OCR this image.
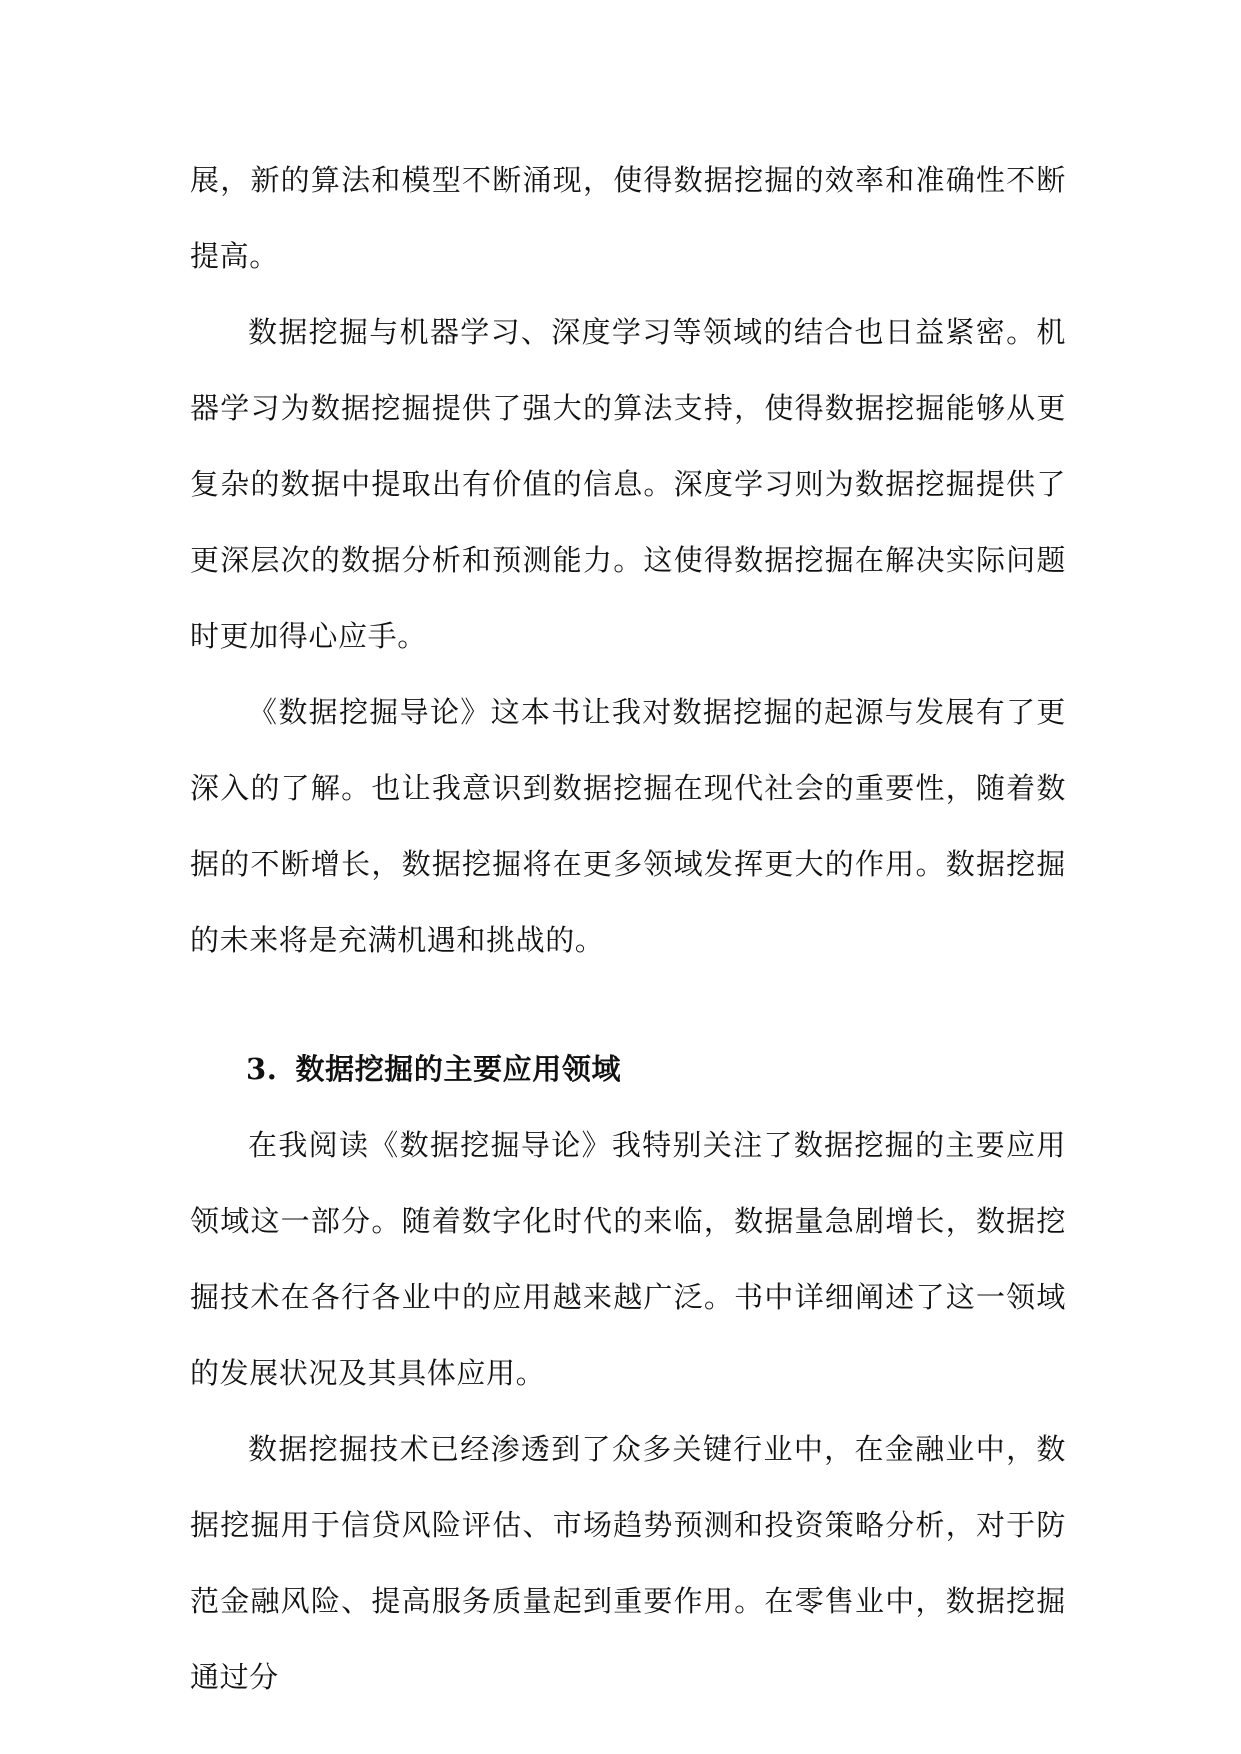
展，新的算法和模型不断涌现，使得数据挖掘的效率和准确性不断提高。

数据挖掘与机器学习、深度学习等领域的结合也日益紧密。机器学习为数据挖掘提供了强大的算法支持，使得数据挖掘能够从更复杂的数据中提取出有价值的信息。深度学习则为数据挖掘提供了更深层次的数据分析和预测能力。这使得数据挖掘在解决实际问题时更加得心应手。

《数据挖掘导论》这本书让我对数据挖掘的起源与发展有了更深入的了解。也让我意识到数据挖掘在现代社会的重要性，随着数据的不断增长，数据挖掘将在更多领域发挥更大的作用。数据挖掘的未来将是充满机遇和挑战的。

3. 数据挖掘的主要应用领域

在我阅读《数据挖掘导论》我特别关注了数据挖掘的主要应用领域这一部分。随着数字化时代的来临，数据量急剧增长，数据挖掘技术在各行各业中的应用越来越广泛。书中详细阐述了这一领域的发展状况及其具体应用。

数据挖掘技术已经渗透到了众多关键行业中，在金融业中，数据挖掘用于信贷风险评估、市场趋势预测和投资策略分析，对于防范金融风险、提高服务质量起到重要作用。在零售业中，数据挖掘通过分
